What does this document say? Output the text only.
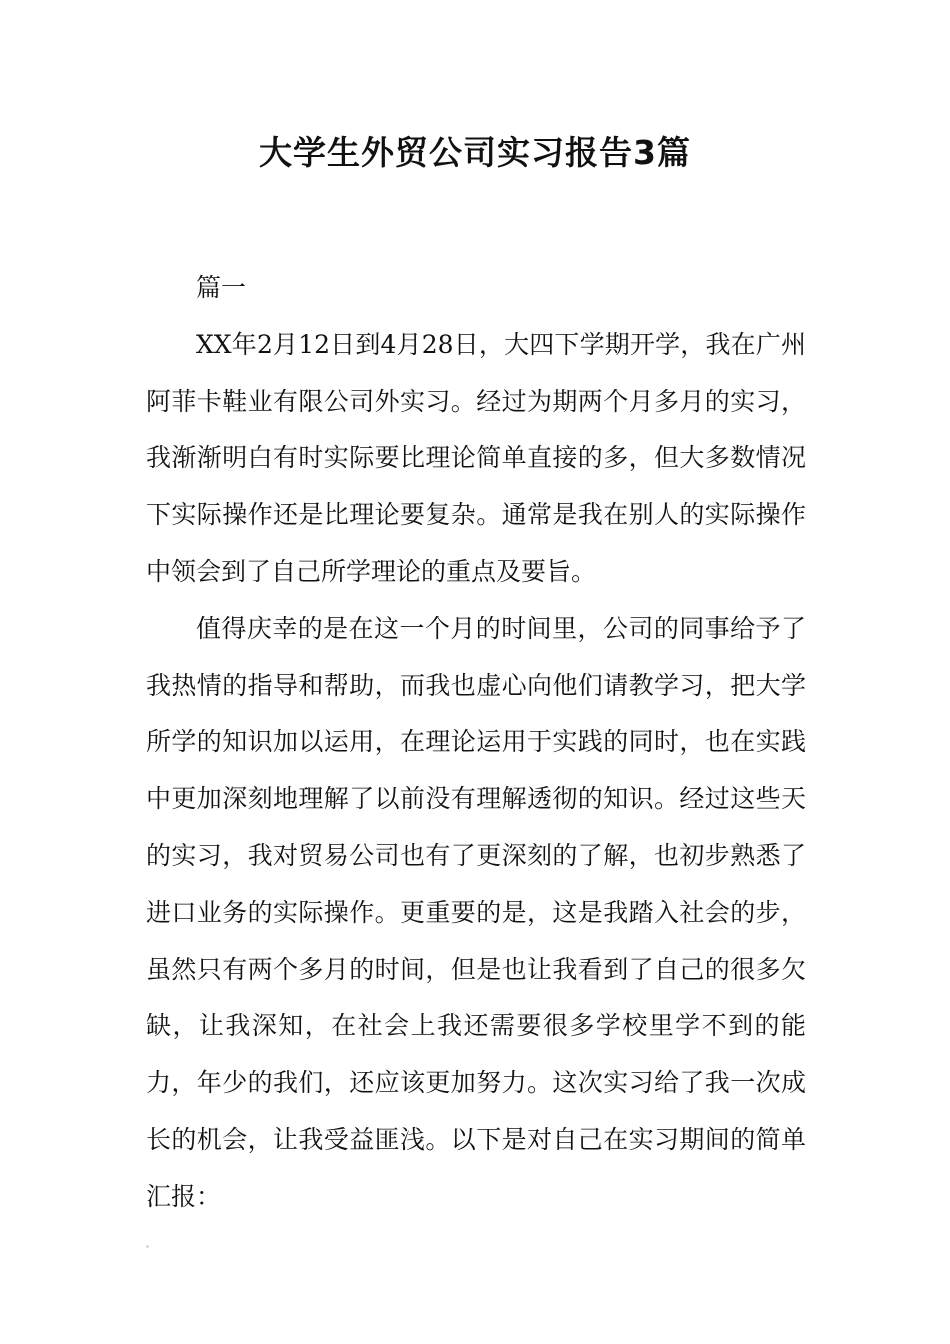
大学生外贸公司实习报告3篇

篇一

XX年2月12日到4月28日，大四下学期开学，我在广州阿菲卡鞋业有限公司外实习。经过为期两个月多月的实习，我渐渐明白有时实际要比理论简单直接的多，但大多数情况下实际操作还是比理论要复杂。通常是我在别人的实际操作中领会到了自己所学理论的重点及要旨。

值得庆幸的是在这一个月的时间里，公司的同事给予了我热情的指导和帮助，而我也虚心向他们请教学习，把大学所学的知识加以运用，在理论运用于实践的同时，也在实践中更加深刻地理解了以前没有理解透彻的知识。经过这些天的实习，我对贸易公司也有了更深刻的了解，也初步熟悉了进口业务的实际操作。更重要的是，这是我踏入社会的步，虽然只有两个多月的时间，但是也让我看到了自己的很多欠缺，让我深知，在社会上我还需要很多学校里学不到的能力，年少的我们，还应该更加努力。这次实习给了我一次成长的机会，让我受益匪浅。以下是对自己在实习期间的简单汇报：
